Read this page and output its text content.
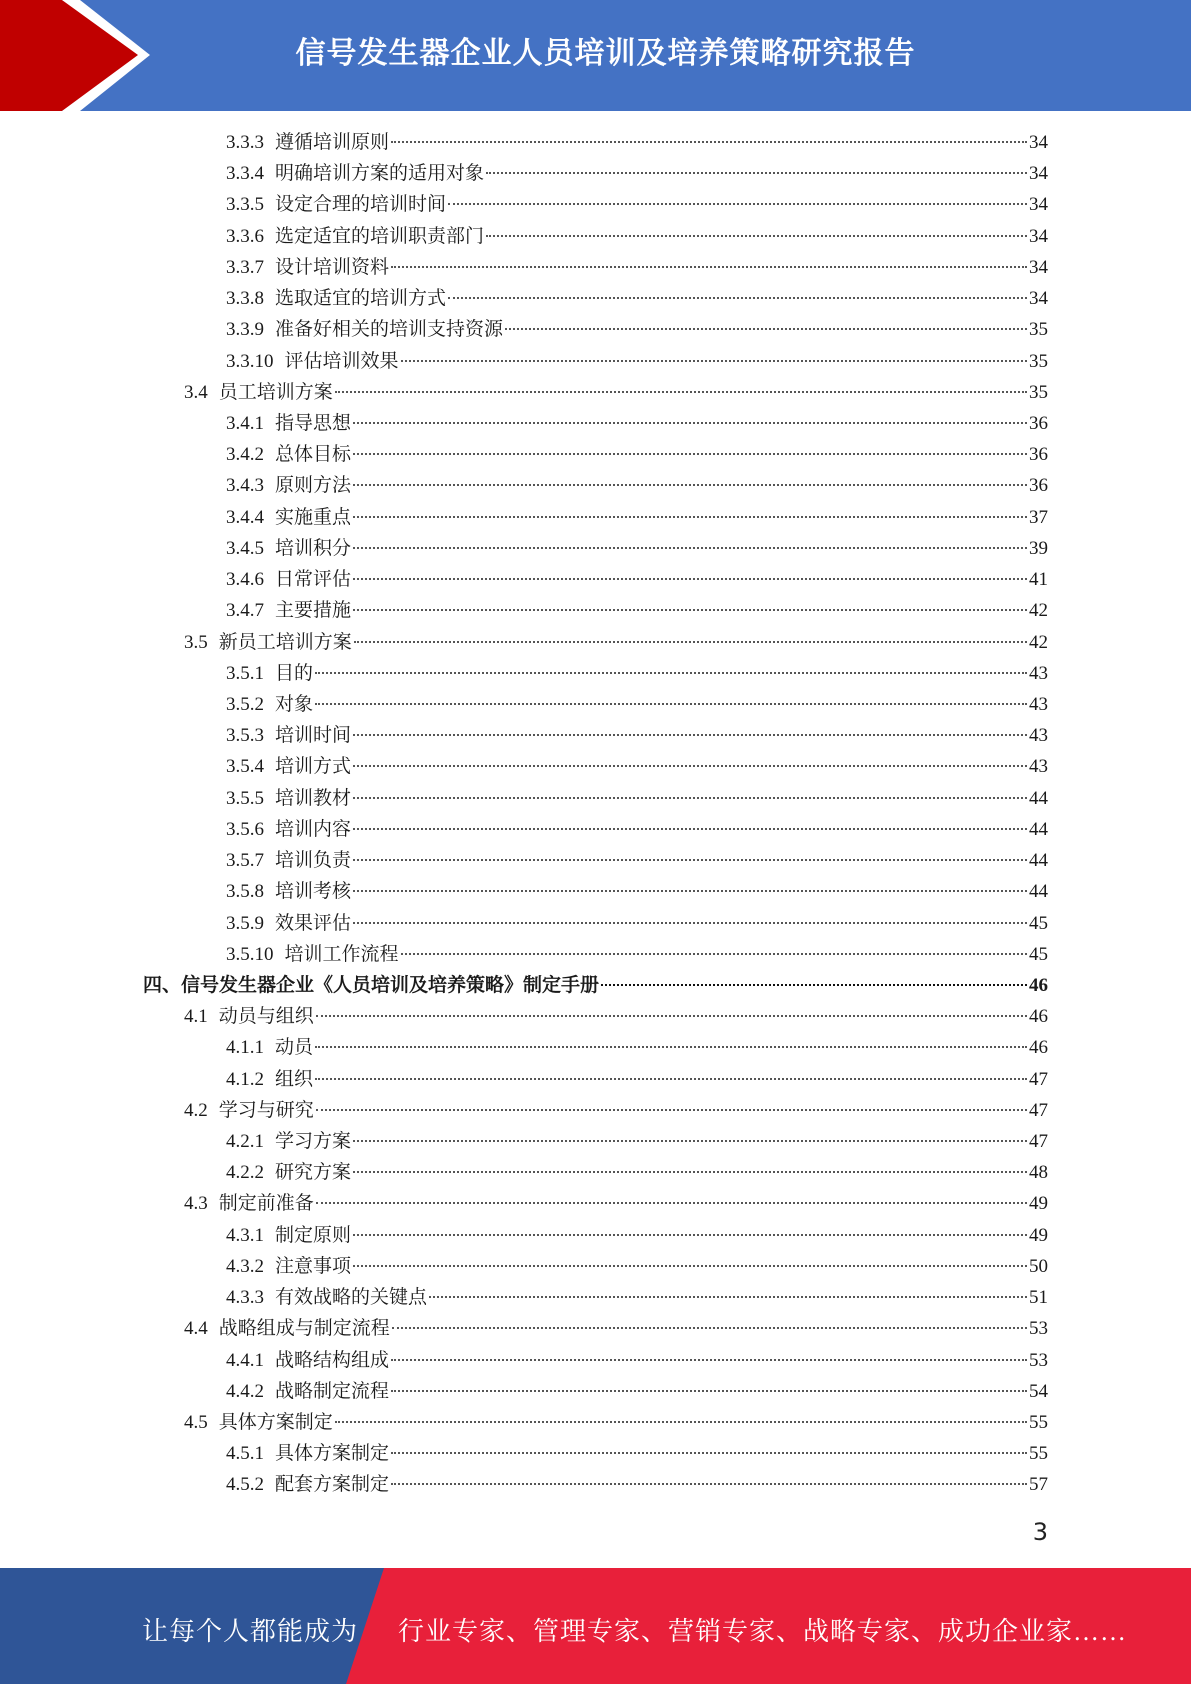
信号发生器企业人员培训及培养策略研究报告
3.3.3 遵循培训原则	34
3.3.4 明确培训方案的适用对象	34
3.3.5 设定合理的培训时间	34
3.3.6 选定适宜的培训职责部门	34
3.3.7 设计培训资料	34
3.3.8 选取适宜的培训方式	34
3.3.9 准备好相关的培训支持资源	35
3.3.10 评估培训效果	35
3.4 员工培训方案	35
3.4.1 指导思想	36
3.4.2 总体目标	36
3.4.3 原则方法	36
3.4.4 实施重点	37
3.4.5 培训积分	39
3.4.6 日常评估	41
3.4.7 主要措施	42
3.5 新员工培训方案	42
3.5.1 目的	43
3.5.2 对象	43
3.5.3 培训时间	43
3.5.4 培训方式	43
3.5.5 培训教材	44
3.5.6 培训内容	44
3.5.7 培训负责	44
3.5.8 培训考核	44
3.5.9 效果评估	45
3.5.10 培训工作流程	45
四、信号发生器企业《人员培训及培养策略》制定手册	46
4.1 动员与组织	46
4.1.1 动员	46
4.1.2 组织	47
4.2 学习与研究	47
4.2.1 学习方案	47
4.2.2 研究方案	48
4.3 制定前准备	49
4.3.1 制定原则	49
4.3.2 注意事项	50
4.3.3 有效战略的关键点	51
4.4 战略组成与制定流程	53
4.4.1 战略结构组成	53
4.4.2 战略制定流程	54
4.5 具体方案制定	55
4.5.1 具体方案制定	55
4.5.2 配套方案制定	57
3
让每个人都能成为 行业专家、管理专家、营销专家、战略专家、成功企业家……
